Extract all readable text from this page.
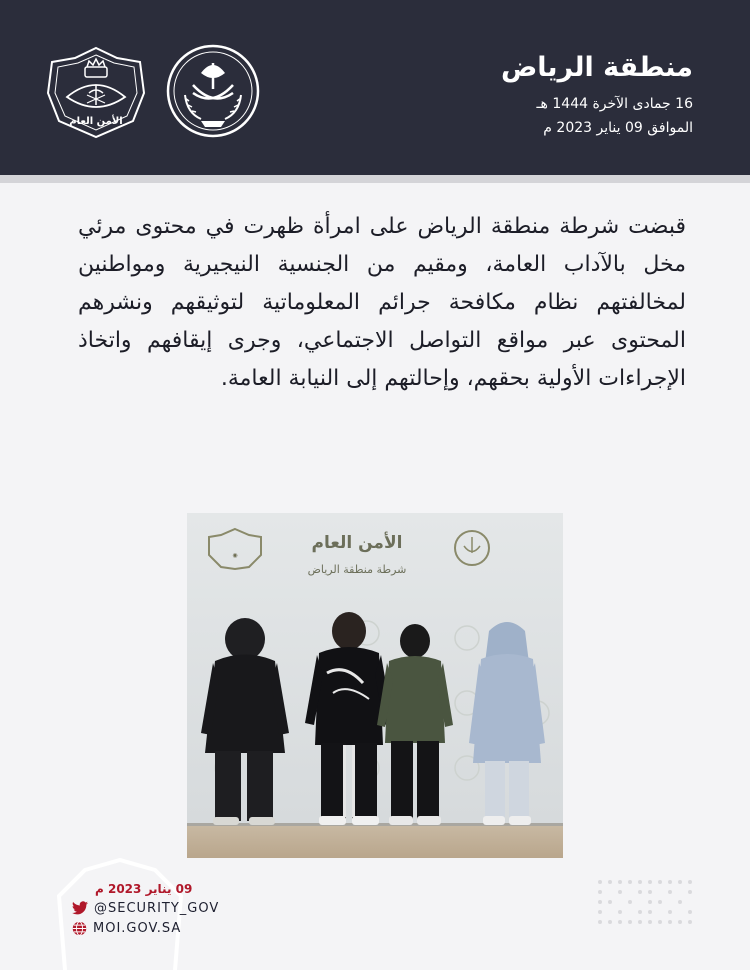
الأمن العام
منطقة الرياض
16 جمادى الآخرة 1444 هـ
الموافق 09 يناير 2023 م

قبضت شرطة منطقة الرياض على امرأة ظهرت في محتوى مرئي مخل بالآداب العامة، ومقيم من الجنسية النيجيرية ومواطنين لمخالفتهم نظام مكافحة جرائم المعلوماتية لتوثيقهم ونشرهم المحتوى عبر مواقع التواصل الاجتماعي، وجرى إيقافهم واتخاذ الإجراءات الأولية بحقهم، وإحالتهم إلى النيابة العامة.

◉
الأمن العام
شرطة منطقة الرياض
09 يناير 2023 م
@SECURITY_GOV
MOI.GOV.SA
